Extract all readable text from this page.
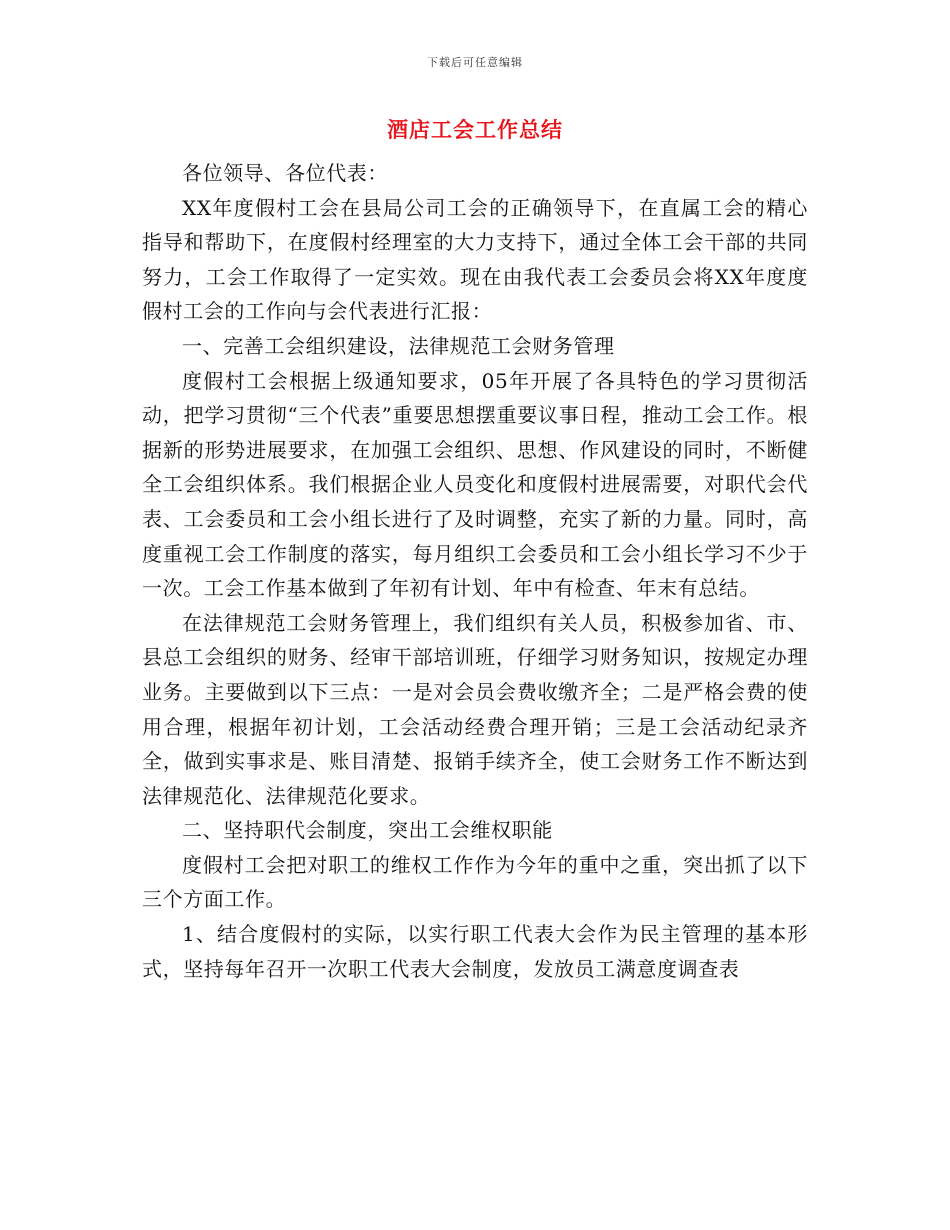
下载后可任意编辑
酒店工会工作总结

各位领导、各位代表：

XX年度假村工会在县局公司工会的正确领导下，在直属工会的精心指导和帮助下，在度假村经理室的大力支持下，通过全体工会干部的共同努力，工会工作取得了一定实效。现在由我代表工会委员会将XX年度度假村工会的工作向与会代表进行汇报：

一、完善工会组织建设，法律规范工会财务管理

度假村工会根据上级通知要求，05年开展了各具特色的学习贯彻活动，把学习贯彻“三个代表”重要思想摆重要议事日程，推动工会工作。根据新的形势进展要求，在加强工会组织、思想、作风建设的同时，不断健全工会组织体系。我们根据企业人员变化和度假村进展需要，对职代会代表、工会委员和工会小组长进行了及时调整，充实了新的力量。同时，高度重视工会工作制度的落实，每月组织工会委员和工会小组长学习不少于一次。工会工作基本做到了年初有计划、年中有检查、年末有总结。

在法律规范工会财务管理上，我们组织有关人员，积极参加省、市、县总工会组织的财务、经审干部培训班，仔细学习财务知识，按规定办理业务。主要做到以下三点：一是对会员会费收缴齐全；二是严格会费的使用合理，根据年初计划，工会活动经费合理开销；三是工会活动纪录齐全，做到实事求是、账目清楚、报销手续齐全，使工会财务工作不断达到法律规范化、法律规范化要求。

二、坚持职代会制度，突出工会维权职能

度假村工会把对职工的维权工作作为今年的重中之重，突出抓了以下三个方面工作。

1、结合度假村的实际，以实行职工代表大会作为民主管理的基本形式，坚持每年召开一次职工代表大会制度，发放员工满意度调查表
